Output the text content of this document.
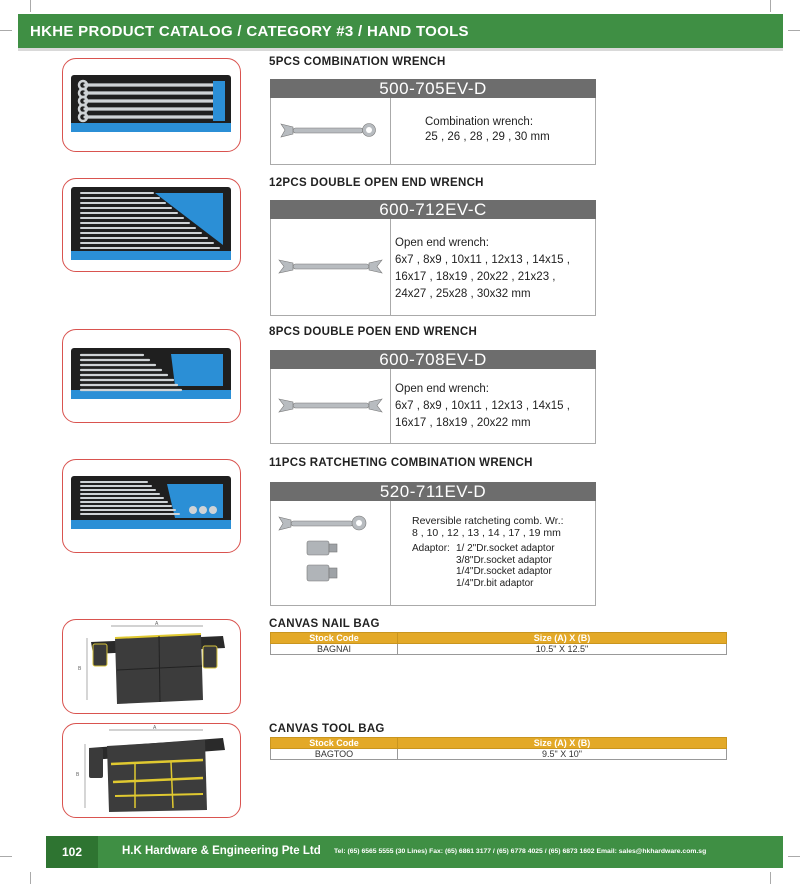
HKHE PRODUCT CATALOG / CATEGORY #3 / HAND TOOLS
5PCS COMBINATION WRENCH
500-705EV-D
Combination wrench:
25 , 26 , 28 , 29 , 30 mm
12PCS DOUBLE OPEN END WRENCH
600-712EV-C
Open end wrench:
6x7 , 8x9 , 10x11 , 12x13 , 14x15 ,
16x17 , 18x19 , 20x22 , 21x23 ,
24x27 , 25x28 , 30x32 mm
8PCS DOUBLE POEN END WRENCH
600-708EV-D
Open end wrench:
6x7 , 8x9 , 10x11 , 12x13 , 14x15 ,
16x17 , 18x19 , 20x22 mm
11PCS RATCHETING COMBINATION WRENCH
520-711EV-D
Reversible ratcheting comb. Wr.:
8 , 10 , 12 , 13 , 14 , 17 , 19 mm
Adaptor: 1/ 2"Dr.socket adaptor
3/8"Dr.socket adaptor
1/4"Dr.socket adaptor
1/4"Dr.bit adaptor
A
B
CANVAS NAIL BAG
Stock Code	Size (A) X (B)
BAGNAI	10.5" X 12.5"
A
B
CANVAS TOOL BAG
Stock Code	Size (A) X (B)
BAGTOO	9.5" X 10"
102	H.K Hardware & Engineering Pte Ltd Tel: (65) 6565 5555 (30 Lines) Fax: (65) 6861 3177 / (65) 6778 4025 / (65) 6873 1602 Email: sales@hkhardware.com.sg
